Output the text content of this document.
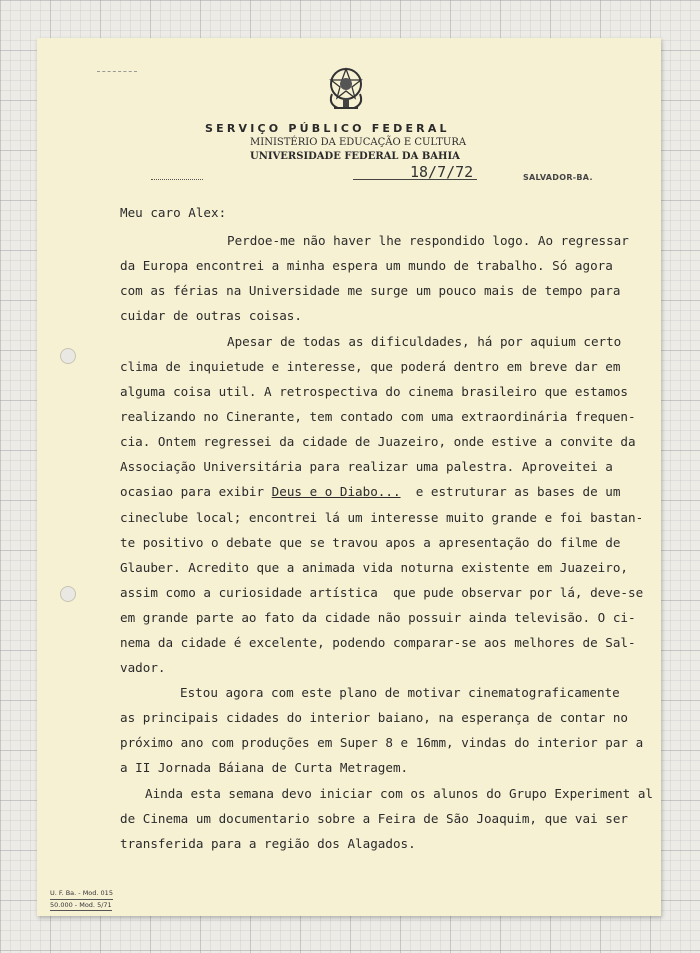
SERVIÇO PÚBLICO FEDERAL
MINISTÉRIO DA EDUCAÇÃO E CULTURA
UNIVERSIDADE FEDERAL DA BAHIA
18/7/72	SALVADOR-BA.
Meu caro Alex:
Perdoe-me não haver lhe respondido logo. Ao regressar
da Europa encontrei a minha espera um mundo de trabalho. Só agora
com as férias na Universidade me surge um pouco mais de tempo para
cuidar de outras coisas.
Apesar de todas as dificuldades, há por aquium certo
clima de inquietude e interesse, que poderá dentro em breve dar em
alguma coisa util. A retrospectiva do cinema brasileiro que estamos
realizando no Cinerante, tem contado com uma extraordinária frequen-
cia. Ontem regressei da cidade de Juazeiro, onde estive a convite da
Associação Universitária para realizar uma palestra. Aproveitei a
ocasiao para exibir Deus e o Diabo...  e estruturar as bases de um
cineclube local; encontrei lá um interesse muito grande e foi bastan-
te positivo o debate que se travou apos a apresentação do filme de
Glauber. Acredito que a animada vida noturna existente em Juazeiro,
assim como a curiosidade artística  que pude observar por lá, deve-se
em grande parte ao fato da cidade não possuir ainda televisão. O ci-
nema da cidade é excelente, podendo comparar-se aos melhores de Sal-
vador.
Estou agora com este plano de motivar cinematograficamente
as principais cidades do interior baiano, na esperança de contar no
próximo ano com produções em Super 8 e 16mm, vindas do interior par a
a II Jornada Báiana de Curta Metragem.
Ainda esta semana devo iniciar com os alunos do Grupo Experiment al
de Cinema um documentario sobre a Feira de São Joaquim, que vai ser
transferida para a região dos Alagados.
U. F. Ba. - Mod. 015
50.000 - Mod. 5/71
